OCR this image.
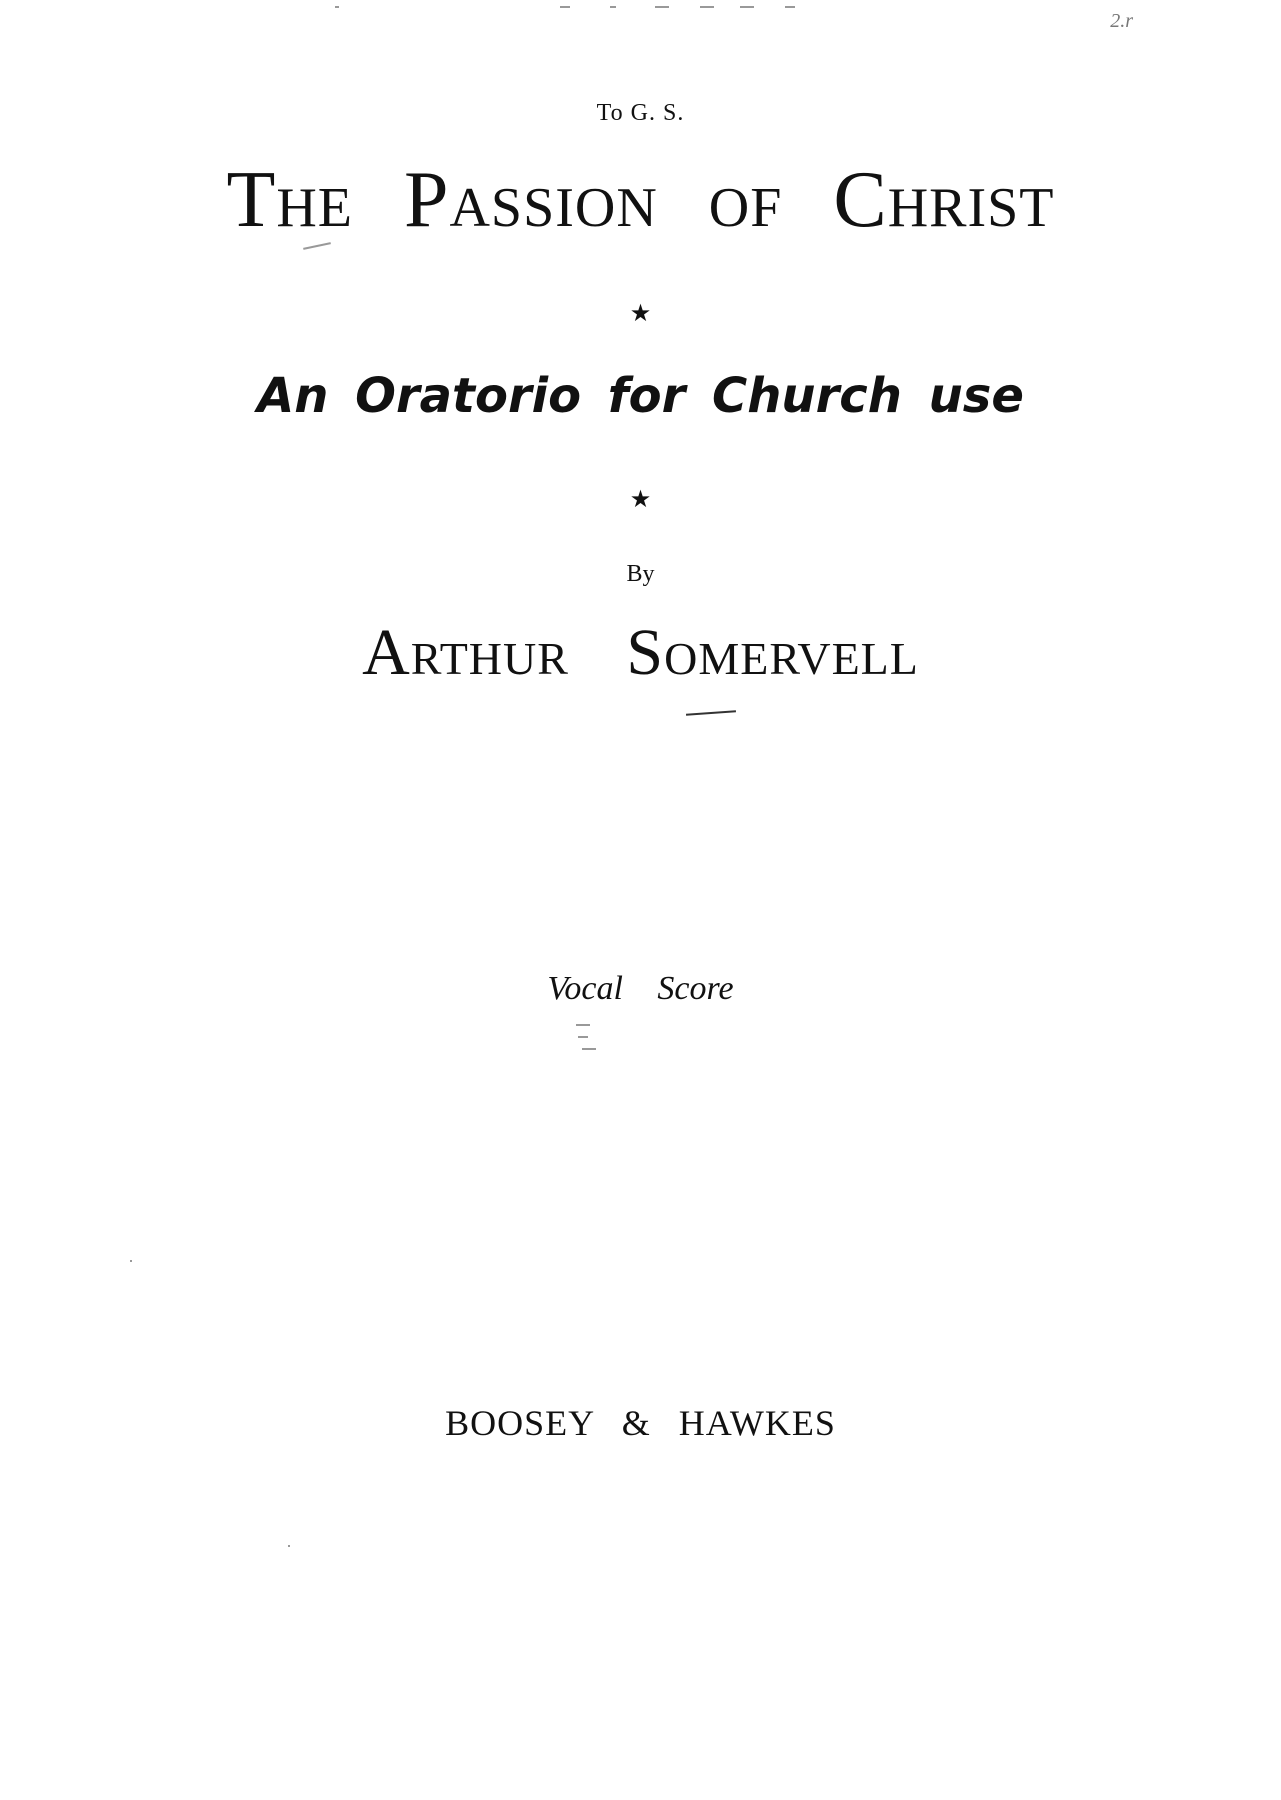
2.r
To G. S.
The Passion of Christ
★
An Oratorio for Church use
★
By
Arthur Somervell
Vocal Score
BOOSEY & HAWKES
